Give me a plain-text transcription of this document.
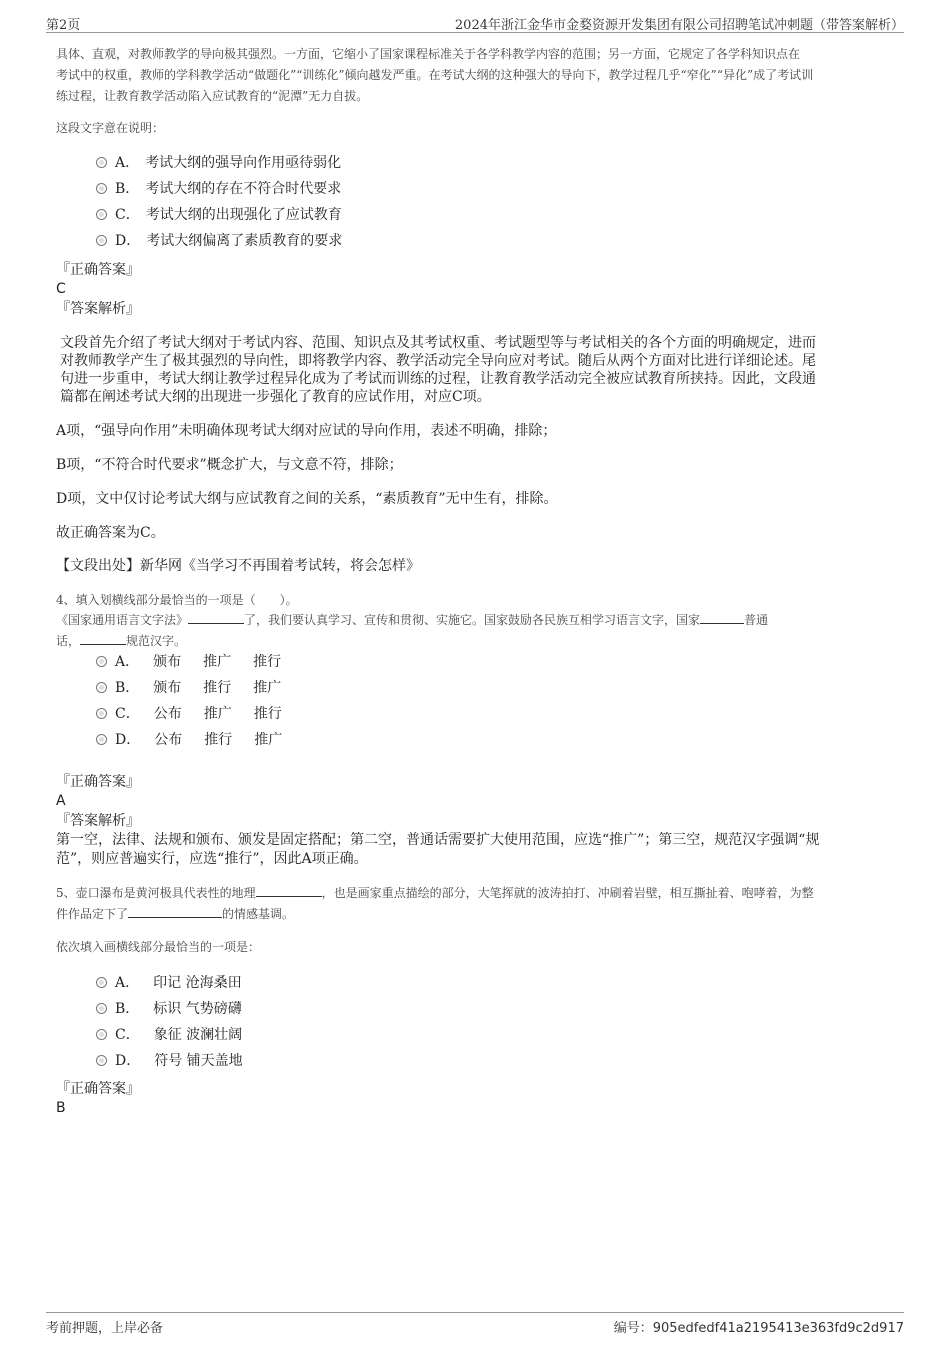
第2页	2024年浙江金华市金婺资源开发集团有限公司招聘笔试冲刺题（带答案解析）
具体、直观，对教师教学的导向极其强烈。一方面，它缩小了国家课程标准关于各学科教学内容的范围；另一方面，它规定了各学科知识点在
考试中的权重，教师的学科教学活动“做题化”“训练化”倾向越发严重。在考试大纲的这种强大的导向下，教学过程几乎“窄化”“异化”成了考试训
练过程，让教育教学活动陷入应试教育的“泥潭”无力自拔。
这段文字意在说明：
A． 考试大纲的强导向作用亟待弱化
B． 考试大纲的存在不符合时代要求
C． 考试大纲的出现强化了应试教育
D． 考试大纲偏离了素质教育的要求
『正确答案』
C
『答案解析』
文段首先介绍了考试大纲对于考试内容、范围、知识点及其考试权重、考试题型等与考试相关的各个方面的明确规定，进而
对教师教学产生了极其强烈的导向性，即将教学内容、教学活动完全导向应对考试。随后从两个方面对比进行详细论述。尾
句进一步重申，考试大纲让教学过程异化成为了考试而训练的过程，让教育教学活动完全被应试教育所挟持。因此，文段通
篇都在阐述考试大纲的出现进一步强化了教育的应试作用，对应C项。
A项，“强导向作用”未明确体现考试大纲对应试的导向作用，表述不明确，排除；
B项，“不符合时代要求”概念扩大，与文意不符，排除；
D项，文中仅讨论考试大纲与应试教育之间的关系，“素质教育”无中生有，排除。
故正确答案为C。
【文段出处】新华网《当学习不再围着考试转，将会怎样》
4、填入划横线部分最恰当的一项是（　　）。
《国家通用语言文字法》	了，我们要认真学习、宣传和贯彻、实施它。国家鼓励各民族互相学习语言文字，国家	普通
话，	规范汉字。
A． 颁布 推广 推行
B． 颁布 推行 推广
C． 公布 推广 推行
D． 公布 推行 推广
『正确答案』
A
『答案解析』
第一空，法律、法规和颁布、颁发是固定搭配；第二空，普通话需要扩大使用范围，应选“推广”；第三空，规范汉字强调“规
范”，则应普遍实行，应选“推行”，因此A项正确。
5、壶口瀑布是黄河极具代表性的地理	，也是画家重点描绘的部分，大笔挥就的波涛拍打、冲刷着岩壁，相互撕扯着、咆哮着，为整
件作品定下了	的情感基调。
依次填入画横线部分最恰当的一项是：
A． 印记 沧海桑田
B． 标识 气势磅礴
C． 象征 波澜壮阔
D． 符号 铺天盖地
『正确答案』
B
考前押题，上岸必备	编号：905edfedf41a2195413e363fd9c2d917
